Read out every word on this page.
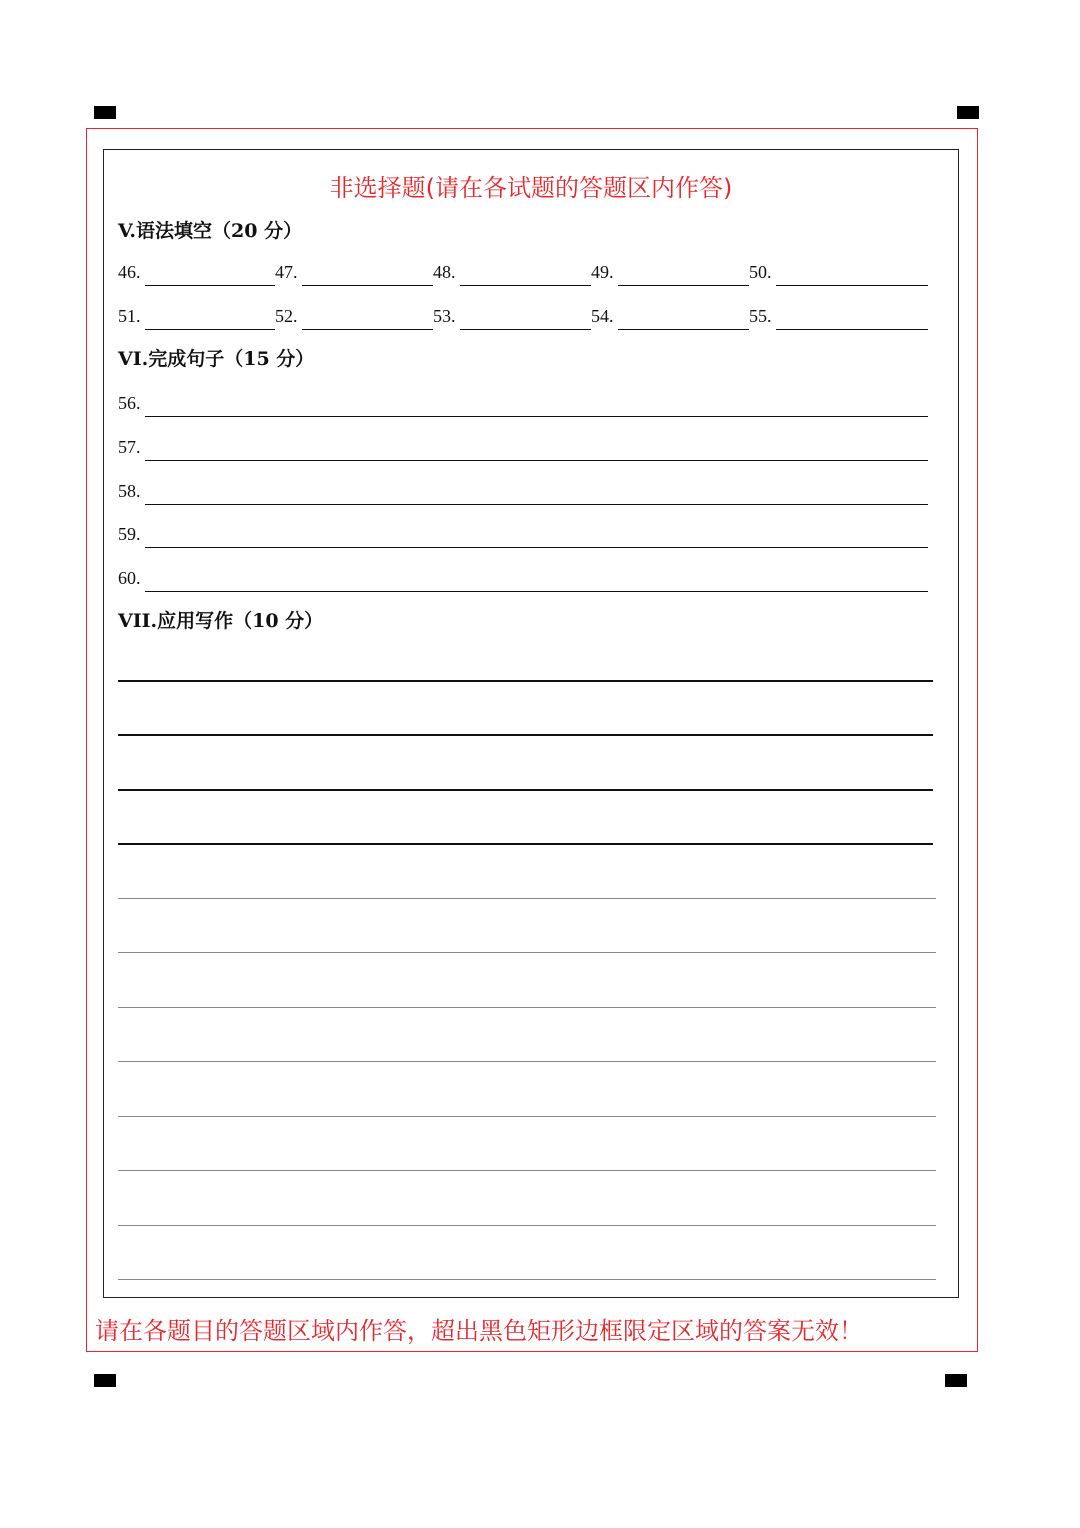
非选择题(请在各试题的答题区内作答)
V.语法填空（20 分）
46.	47.	48.	49.	50.
51.	52.	53.	54.	55.
VI.完成句子（15 分）
56.
57.
58.
59.
60.
VII.应用写作（10 分）
请在各题目的答题区域内作答，超出黑色矩形边框限定区域的答案无效！
